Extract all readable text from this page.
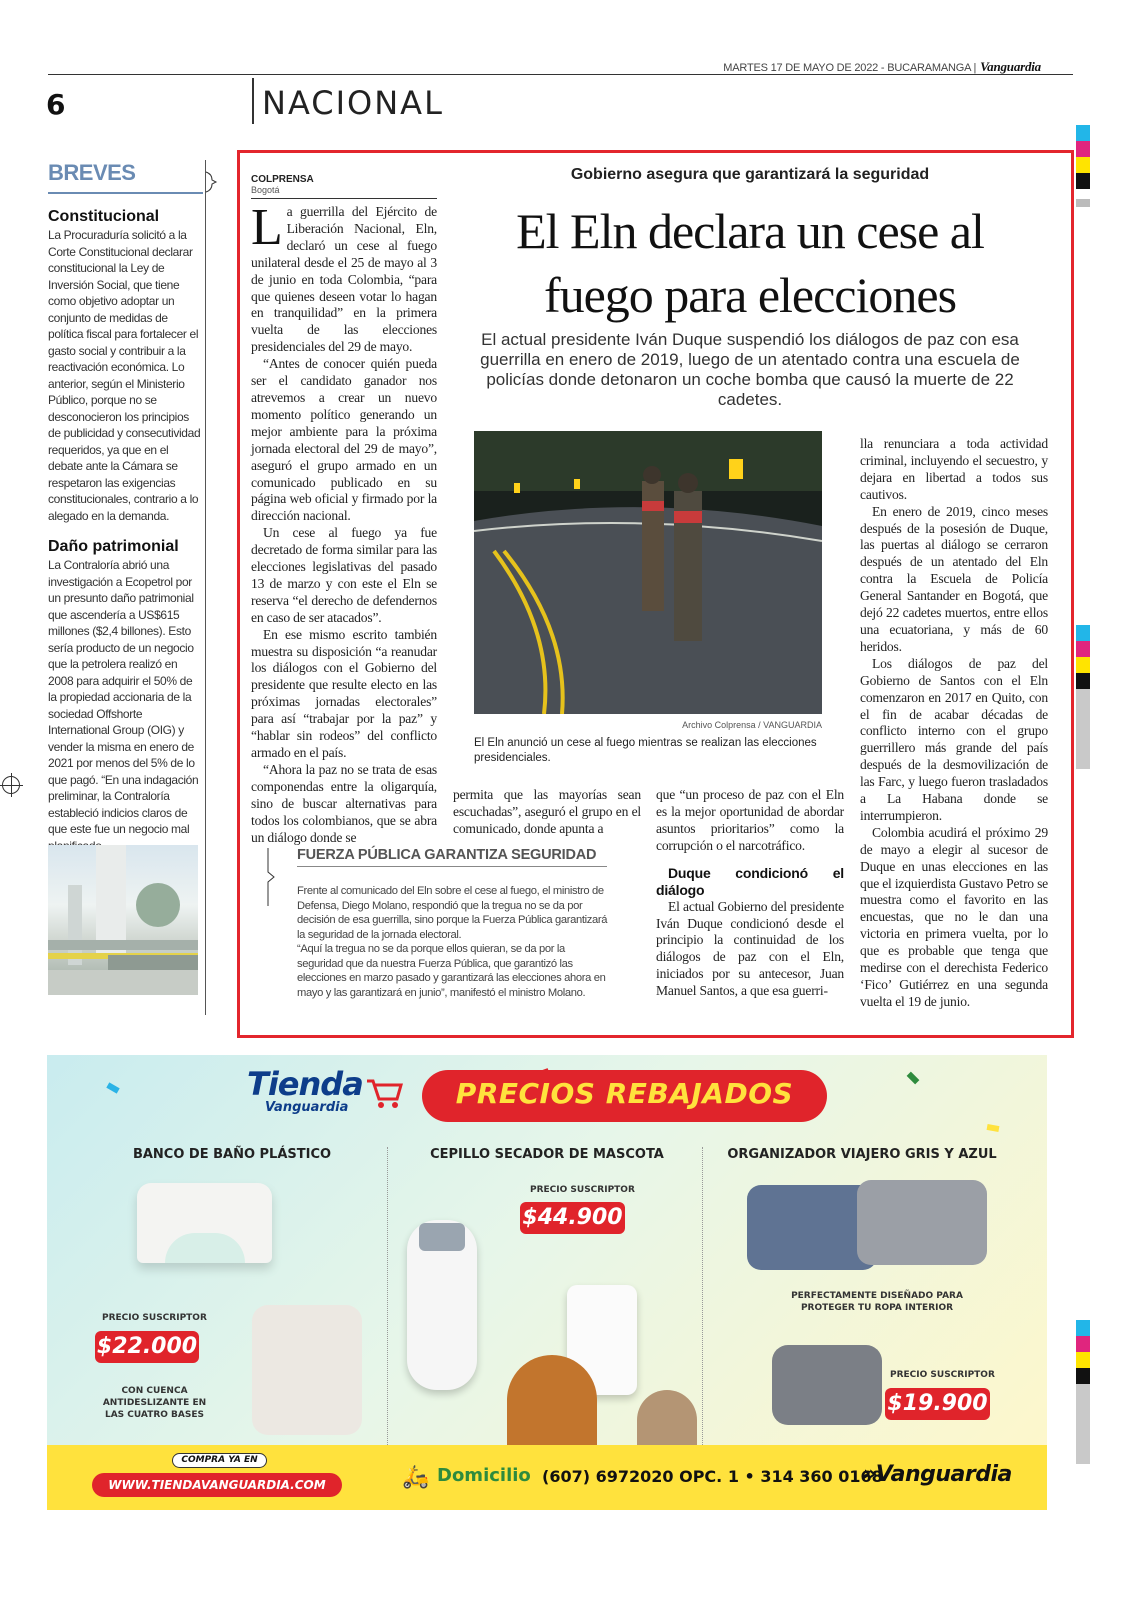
MARTES 17 DE MAYO DE 2022 - BUCARAMANGA | Vanguardia
6	NACIONAL
BREVES
Constitucional
La Procuraduría solicitó a la Corte Constitucional declarar constitucional la Ley de Inversión Social, que tiene como objetivo adoptar un conjunto de medidas de política fiscal para fortalecer el gasto social y contribuir a la reactivación económica. Lo anterior, según el Ministerio Público, porque no se desconocieron los principios de publicidad y consecutividad requeridos, ya que en el debate ante la Cámara se respetaron las exigencias constitucionales, contrario a lo alegado en la demanda.
Daño patrimonial
La Contraloría abrió una investigación a Ecopetrol por un presunto daño patrimonial que ascendería a US$615 millones ($2,4 billones). Esto sería producto de un negocio que la petrolera realizó en 2008 para adquirir el 50% de la propiedad accionaria de la sociedad Offshorte International Group (OIG) y vender la misma en enero de 2021 por menos del 5% de lo que pagó. “En una indagación preliminar, la Contraloría estableció indicios claros de que este fue un negocio mal
COLPRENSA
Bogotá
Gobierno asegura que garantizará la seguridad
El Eln declara un cese al fuego para elecciones
El actual presidente Iván Duque suspendió los diálogos de paz con esa guerrilla en enero de 2019, luego de un atentado contra una escuela de policías donde detonaron un coche bomba que causó la muerte de 22 cadetes.

La guerrilla del Ejército de Liberación Nacional, Eln, declaró un cese al fuego unilateral desde el 25 de mayo al 3 de junio en toda Colombia, “para que quienes deseen votar lo hagan en tranquilidad” en la primera vuelta de las elecciones presidenciales del 29 de mayo.

“Antes de conocer quién pueda ser el candidato ganador nos atrevemos a crear un nuevo momento político generando un mejor ambiente para la próxima jornada electoral del 29 de mayo”, aseguró el grupo armado en un comunicado publicado en su página web oficial y firmado por la dirección nacional.

Un cese al fuego ya fue decretado de forma similar para las elecciones legislativas del pasado 13 de marzo y con este el Eln se reserva “el derecho de defendernos en caso de ser atacados”.

En ese mismo escrito también muestra su disposición “a reanudar los diálogos con el Gobierno del presidente que resulte electo en las próximas jornadas electorales” para así “trabajar por la paz” y “hablar sin rodeos” del conflicto armado en el país.

“Ahora la paz no se trata de esas componendas entre la oligarquía, sino de buscar alternativas para todos los colombianos, que se abra un diálogo donde se

Archivo Colprensa / VANGUARDIA
El Eln anunció un cese al fuego mientras se realizan las elecciones presidenciales.

permita que las mayorías sean escuchadas”, aseguró el grupo en el comunicado, donde apunta a

que “un proceso de paz con el Eln es la mejor oportunidad de abordar asuntos prioritarios” como la corrupción o el narcotráfico.

Duque condicionó el diálogo

El actual Gobierno del presidente Iván Duque condicionó desde el principio la continuidad de los diálogos de paz con el Eln, iniciados por su antecesor, Juan Manuel Santos, a que esa guerri-

lla renunciara a toda actividad criminal, incluyendo el secuestro, y dejara en libertad a todos sus cautivos.

En enero de 2019, cinco meses después de la posesión de Duque, las puertas al diálogo se cerraron después de un atentado del Eln contra la Escuela de Policía General Santander en Bogotá, que dejó 22 cadetes muertos, entre ellos una ecuatoriana, y más de 60 heridos.

Los diálogos de paz del Gobierno de Santos con el Eln comenzaron en 2017 en Quito, con el fin de acabar décadas de conflicto interno con el grupo guerrillero más grande del país después de la desmovilización de las Farc, y luego fueron trasladados a La Habana donde se interrumpieron.

Colombia acudirá el próximo 29 de mayo a elegir al sucesor de Duque en unas elecciones en las que el izquierdista Gustavo Petro se muestra como el favorito en las encuestas, que no le dan una victoria en primera vuelta, por lo que es probable que tenga que medirse con el derechista Federico ‘Fico’ Gutiérrez en una segunda vuelta el 19 de junio.

FUERZA PÚBLICA GARANTIZA SEGURIDAD

Frente al comunicado del Eln sobre el cese al fuego, el ministro de Defensa, Diego Molano, respondió que la tregua no se da por decisión de esa guerrilla, sino porque la Fuerza Pública garantizará la seguridad de la jornada electoral.

“Aquí la tregua no se da porque ellos quieran, se da por la seguridad que da nuestra Fuerza Pública, que garantizó las elecciones en marzo pasado y garantizará las elecciones ahora en mayo y las garantizará en junio”, manifestó el ministro Molano.

Tienda
Vanguardia	PRECIOS REBAJADOS
BANCO DE BAÑO PLÁSTICO	CEPILLO SECADOR DE MASCOTA	ORGANIZADOR VIAJERO GRIS Y AZUL
PRECIO SUSCRIPTOR
$22.000
CON CUENCA ANTIDESLIZANTE EN LAS CUATRO BASES
PRECIO SUSCRIPTOR
$44.900
PERFECTAMENTE DISEÑADO PARA PROTEGER TU ROPA INTERIOR
PRECIO SUSCRIPTOR
$19.900
COMPRA YA EN
WWW.TIENDAVANGUARDIA.COM	🛵 Domicilio (607) 6972020 OPC. 1 • 314 360 0168
»Vanguardia
